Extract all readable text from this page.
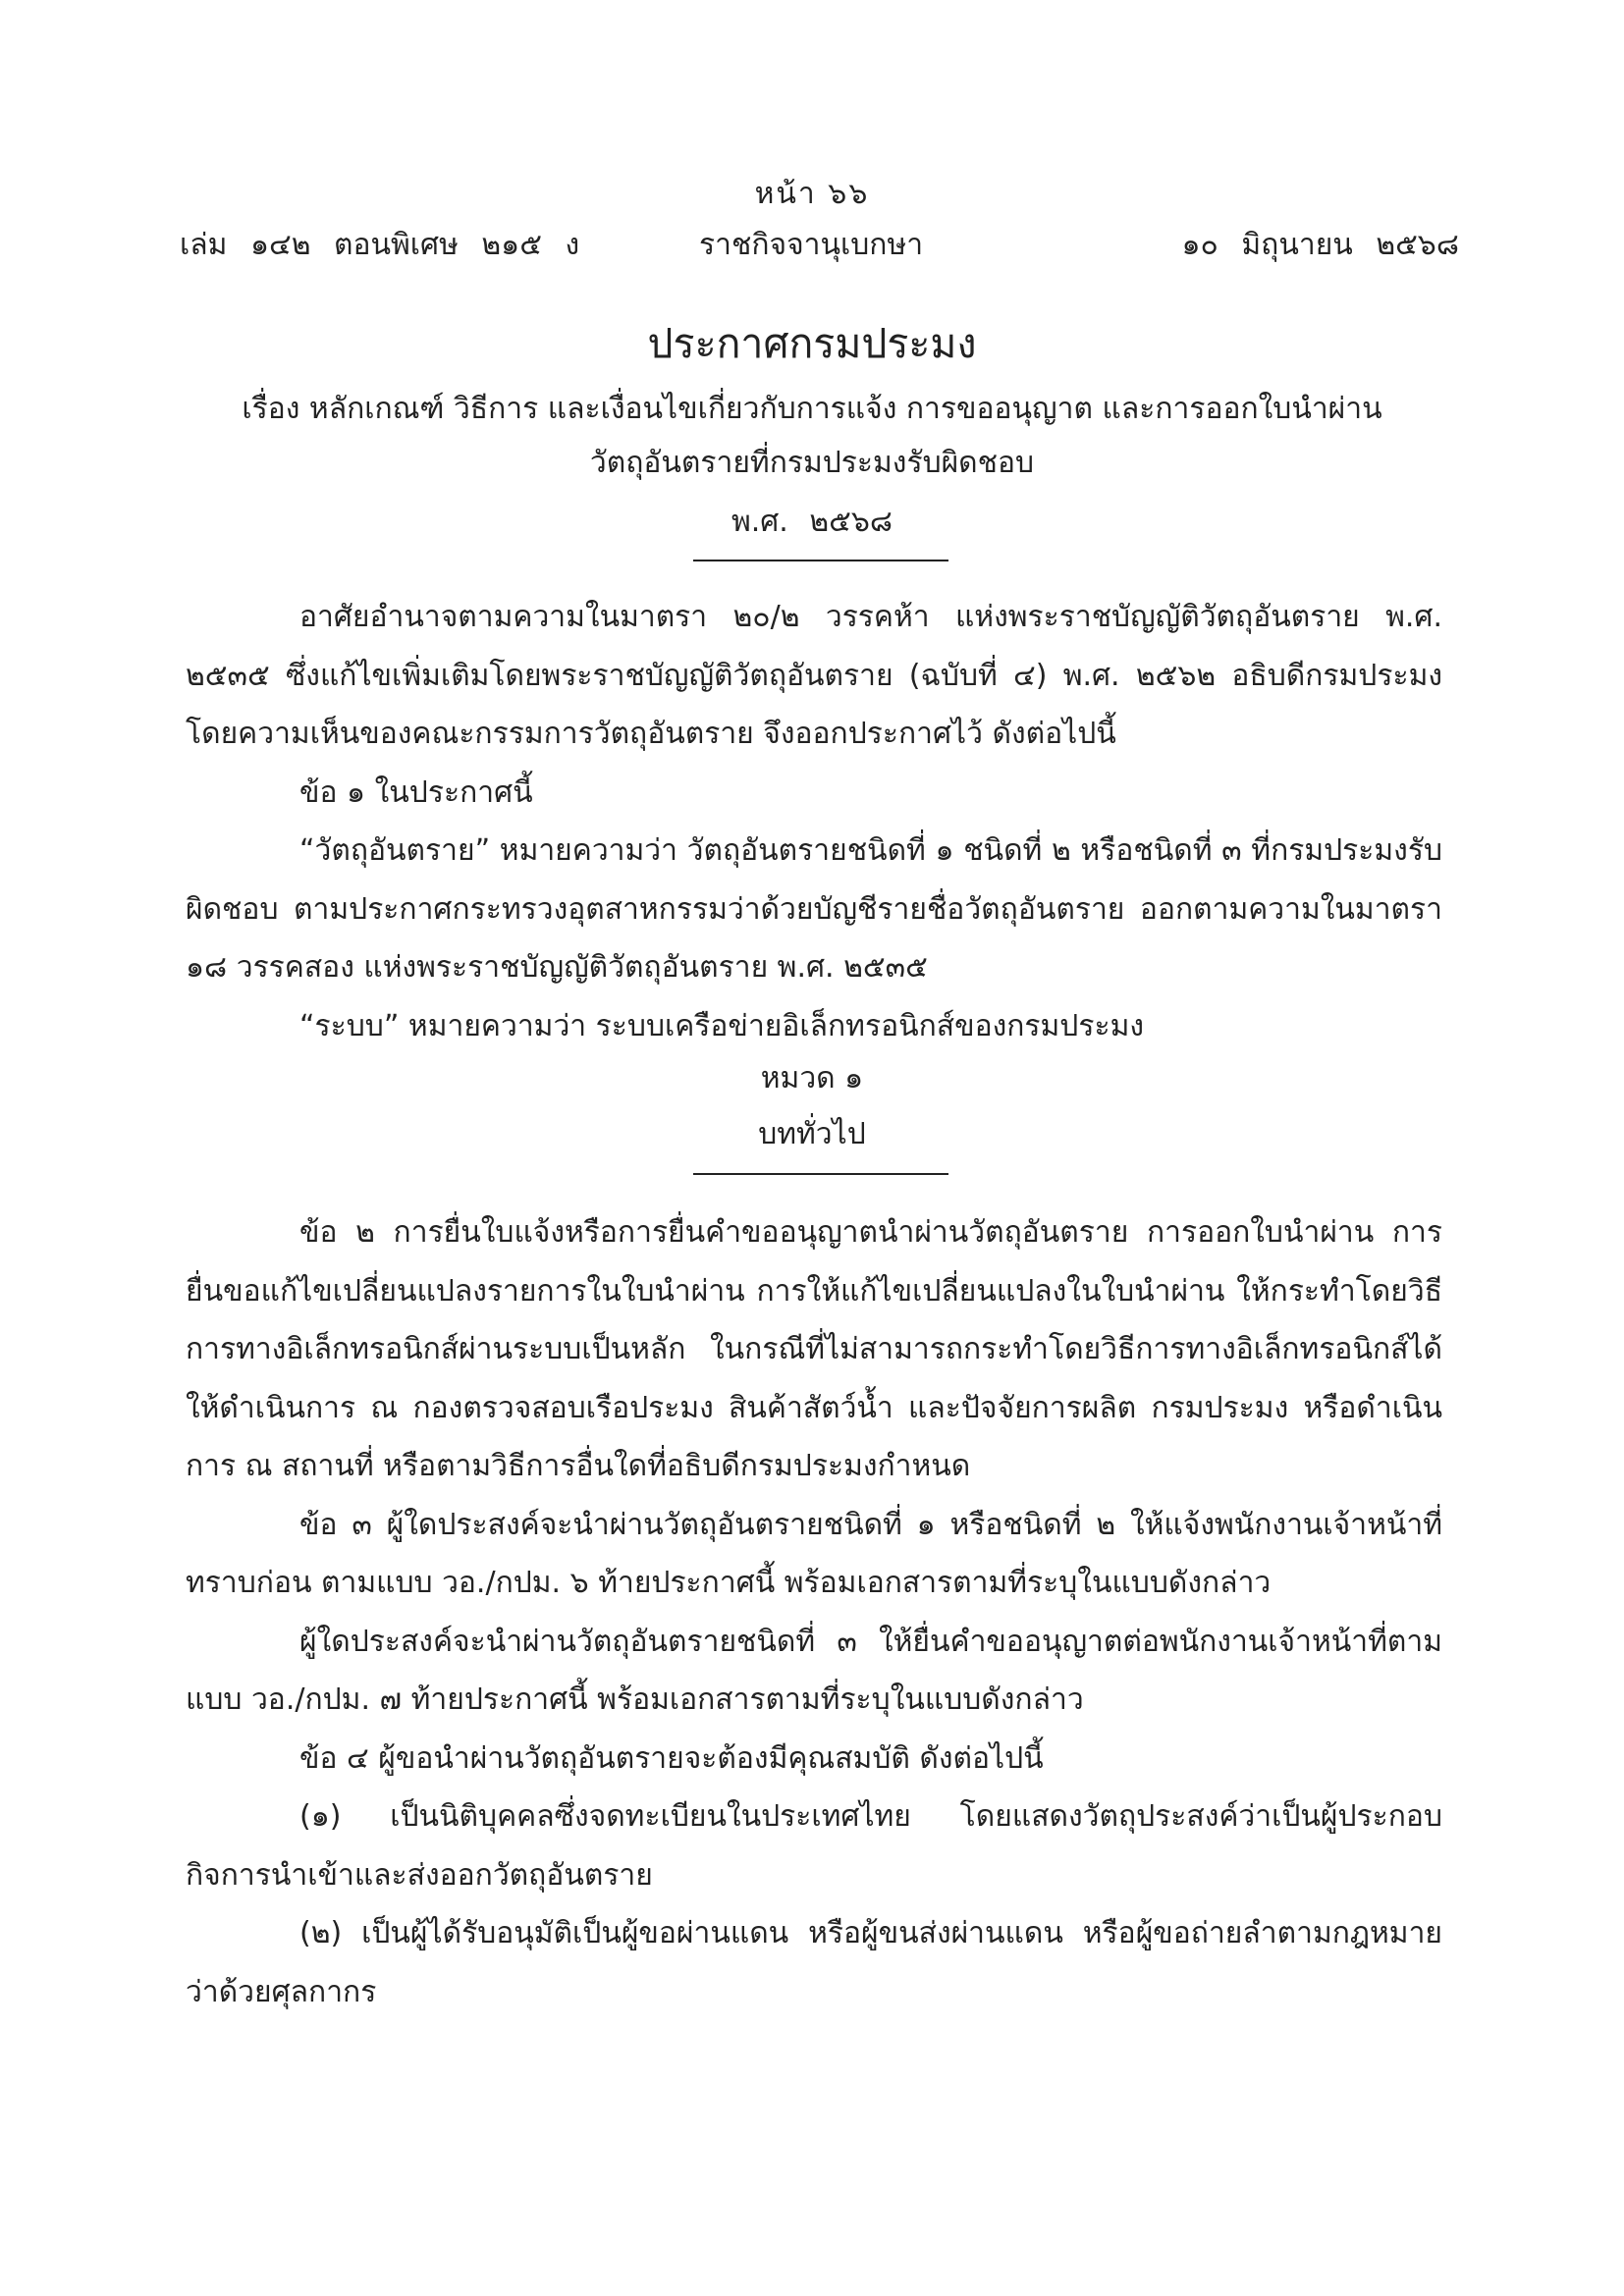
หน้า ๖๖
เล่ม ๑๔๒ ตอนพิเศษ ๒๑๕ ง	ราชกิจจานุเบกษา	๑๐ มิถุนายน ๒๕๖๘
ประกาศกรมประมง
เรื่อง หลักเกณฑ์ วิธีการ และเงื่อนไขเกี่ยวกับการแจ้ง การขออนุญาต และการออกใบนำผ่าน
วัตถุอันตรายที่กรมประมงรับผิดชอบ
พ.ศ. ๒๕๖๘

อาศัยอำนาจตามความในมาตรา ๒๐/๒ วรรคห้า แห่งพระราชบัญญัติวัตถุอันตราย พ.ศ. ๒๕๓๕ ซึ่งแก้ไขเพิ่มเติมโดยพระราชบัญญัติวัตถุอันตราย (ฉบับที่ ๔) พ.ศ. ๒๕๖๒ อธิบดีกรมประมงโดยความเห็นของคณะกรรมการวัตถุอันตราย จึงออกประกาศไว้ ดังต่อไปนี้

ข้อ ๑ ในประกาศนี้

“วัตถุอันตราย” หมายความว่า วัตถุอันตรายชนิดที่ ๑ ชนิดที่ ๒ หรือชนิดที่ ๓ ที่กรมประมงรับผิดชอบ ตามประกาศกระทรวงอุตสาหกรรมว่าด้วยบัญชีรายชื่อวัตถุอันตราย ออกตามความในมาตรา ๑๘ วรรคสอง แห่งพระราชบัญญัติวัตถุอันตราย พ.ศ. ๒๕๓๕

“ระบบ” หมายความว่า ระบบเครือข่ายอิเล็กทรอนิกส์ของกรมประมง

หมวด ๑
บททั่วไป

ข้อ ๒ การยื่นใบแจ้งหรือการยื่นคำขออนุญาตนำผ่านวัตถุอันตราย การออกใบนำผ่าน การยื่นขอแก้ไขเปลี่ยนแปลงรายการในใบนำผ่าน การให้แก้ไขเปลี่ยนแปลงในใบนำผ่าน ให้กระทำโดยวิธีการทางอิเล็กทรอนิกส์ผ่านระบบเป็นหลัก ในกรณีที่ไม่สามารถกระทำโดยวิธีการทางอิเล็กทรอนิกส์ได้ ให้ดำเนินการ ณ กองตรวจสอบเรือประมง สินค้าสัตว์น้ำ และปัจจัยการผลิต กรมประมง หรือดำเนินการ ณ สถานที่ หรือตามวิธีการอื่นใดที่อธิบดีกรมประมงกำหนด

ข้อ ๓ ผู้ใดประสงค์จะนำผ่านวัตถุอันตรายชนิดที่ ๑ หรือชนิดที่ ๒ ให้แจ้งพนักงานเจ้าหน้าที่ทราบก่อน ตามแบบ วอ./กปม. ๖ ท้ายประกาศนี้ พร้อมเอกสารตามที่ระบุในแบบดังกล่าว

ผู้ใดประสงค์จะนำผ่านวัตถุอันตรายชนิดที่ ๓ ให้ยื่นคำขออนุญาตต่อพนักงานเจ้าหน้าที่ตามแบบ วอ./กปม. ๗ ท้ายประกาศนี้ พร้อมเอกสารตามที่ระบุในแบบดังกล่าว

ข้อ ๔ ผู้ขอนำผ่านวัตถุอันตรายจะต้องมีคุณสมบัติ ดังต่อไปนี้

(๑) เป็นนิติบุคคลซึ่งจดทะเบียนในประเทศไทย โดยแสดงวัตถุประสงค์ว่าเป็นผู้ประกอบกิจการนำเข้าและส่งออกวัตถุอันตราย

(๒) เป็นผู้ได้รับอนุมัติเป็นผู้ขอผ่านแดน หรือผู้ขนส่งผ่านแดน หรือผู้ขอถ่ายลำตามกฎหมายว่าด้วยศุลกากร
